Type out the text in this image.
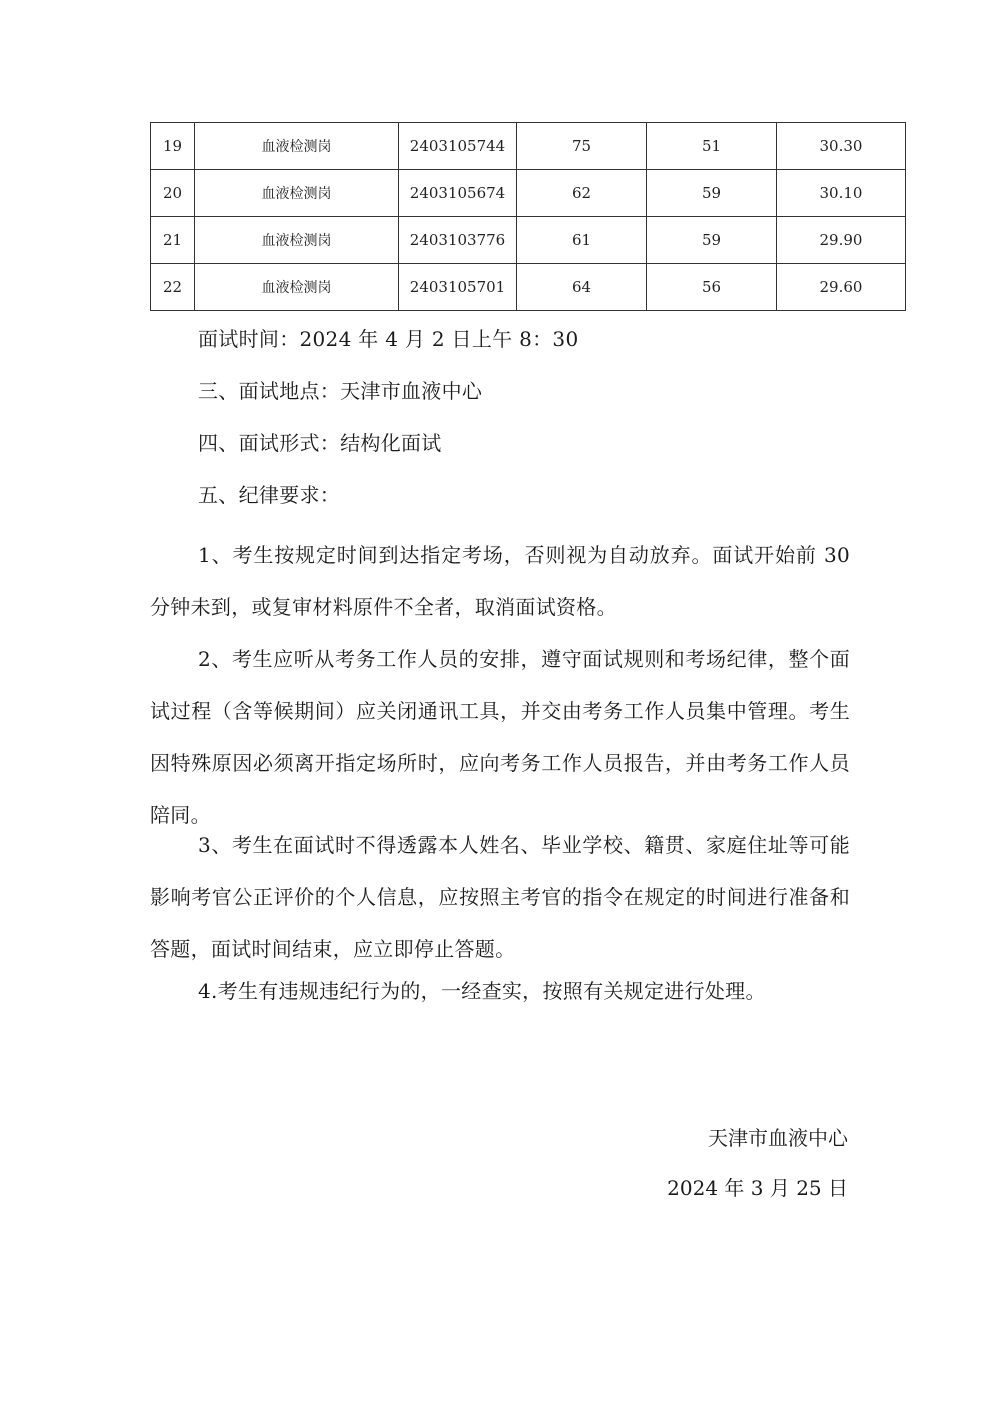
19	血液检测岗	2403105744	75	51	30.30
20	血液检测岗	2403105674	62	59	30.10
21	血液检测岗	2403103776	61	59	29.90
22	血液检测岗	2403105701	64	56	29.60

面试时间：2024 年 4 月 2 日上午 8：30

三、面试地点：天津市血液中心

四、面试形式：结构化面试

五、纪律要求：

1、考生按规定时间到达指定考场，否则视为自动放弃。面试开始前 30 分钟未到，或复审材料原件不全者，取消面试资格。

2、考生应听从考务工作人员的安排，遵守面试规则和考场纪律，整个面试过程（含等候期间）应关闭通讯工具，并交由考务工作人员集中管理。考生因特殊原因必须离开指定场所时，应向考务工作人员报告，并由考务工作人员陪同。

3、考生在面试时不得透露本人姓名、毕业学校、籍贯、家庭住址等可能影响考官公正评价的个人信息，应按照主考官的指令在规定的时间进行准备和答题，面试时间结束，应立即停止答题。

4.考生有违规违纪行为的，一经查实，按照有关规定进行处理。

天津市血液中心

2024 年 3 月 25 日
